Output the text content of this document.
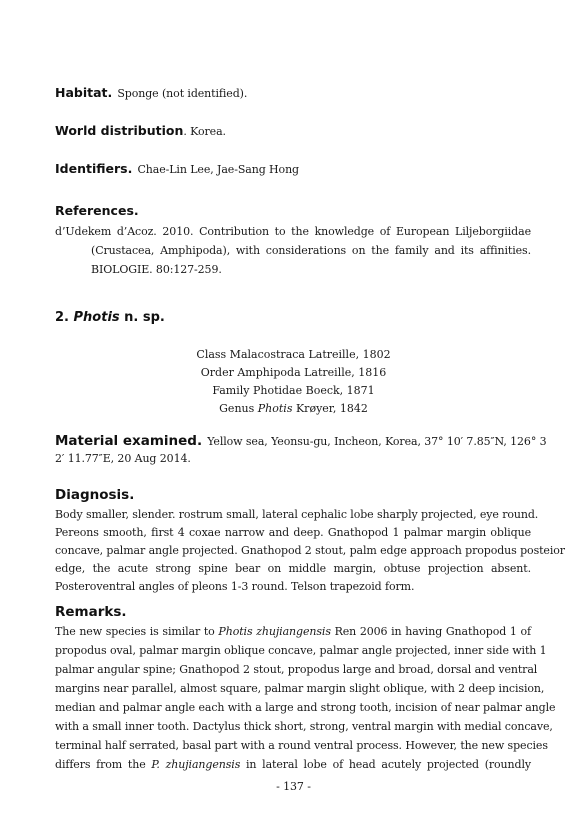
Habitat. Sponge (not identified).
World distribution. Korea.
Identifiers. Chae-Lin Lee, Jae-Sang Hong
References.
d’Udekem d’Acoz. 2010. Contribution to the knowledge of European Liljeborgiidae
(Crustacea, Amphipoda), with considerations on the family and its affinities.
BIOLOGIE. 80:127-259.
2. Photis n. sp.
Class Malacostraca Latreille, 1802
Order Amphipoda Latreille, 1816
Family Photidae Boeck, 1871
Genus Photis Krøyer, 1842
Material examined. Yellow sea, Yeonsu-gu, Incheon, Korea, 37° 10′ 7.85″N, 126° 3
2′ 11.77″E, 20 Aug 2014.
Diagnosis.
Body smaller, slender. rostrum small, lateral cephalic lobe sharply projected, eye round.
Pereons smooth, first 4 coxae narrow and deep. Gnathopod 1 palmar margin oblique
concave, palmar angle projected. Gnathopod 2 stout, palm edge approach propodus posteior
edge, the acute strong spine bear on middle margin, obtuse projection absent.
Posteroventral angles of pleons 1-3 round. Telson trapezoid form.
Remarks.
The new species is similar to Photis zhujiangensis Ren 2006 in having Gnathopod 1 of
propodus oval, palmar margin oblique concave, palmar angle projected, inner side with 1
palmar angular spine; Gnathopod 2 stout, propodus large and broad, dorsal and ventral
margins near parallel, almost square, palmar margin slight oblique, with 2 deep incision,
median and palmar angle each with a large and strong tooth, incision of near palmar angle
with a small inner tooth. Dactylus thick short, strong, ventral margin with medial concave,
terminal half serrated, basal part with a round ventral process. However, the new species
differs from the P. zhujiangensis in lateral lobe of head acutely projected (roundly
- 137 -
